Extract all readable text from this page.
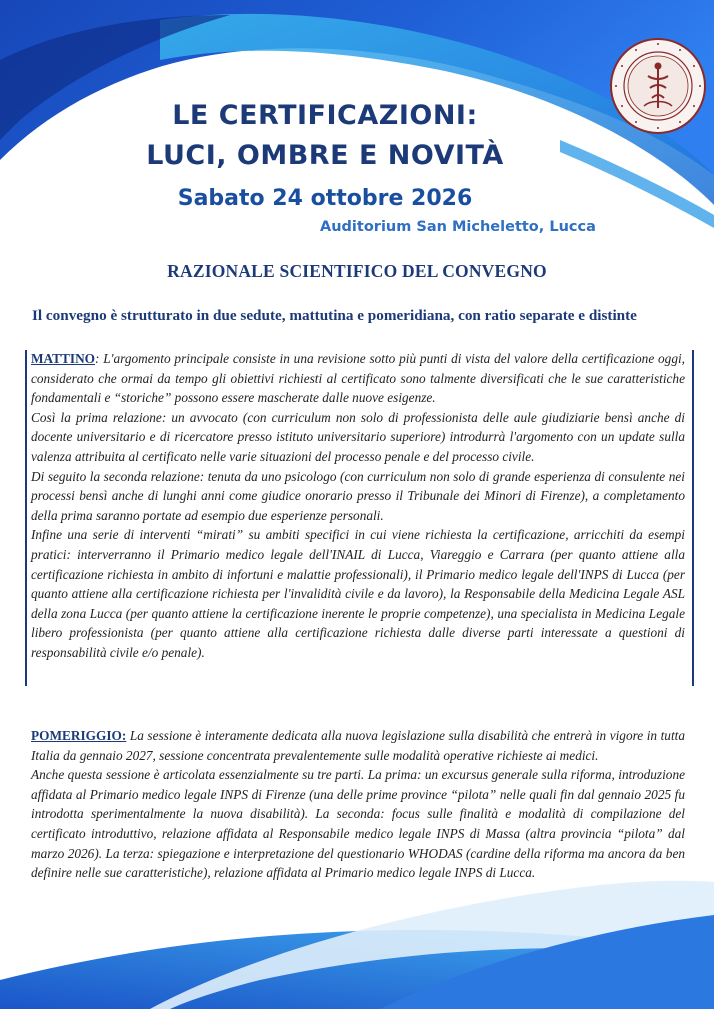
LE CERTIFICAZIONI:
LUCI, OMBRE E NOVITÀ
Sabato 24 ottobre 2026
Auditorium San Micheletto, Lucca
RAZIONALE SCIENTIFICO DEL CONVEGNO
Il convegno è strutturato in due sedute, mattutina e pomeridiana, con ratio separate e distinte

MATTINO: L'argomento principale consiste in una revisione sotto più punti di vista del valore della certificazione oggi, considerato che ormai da tempo gli obiettivi richiesti al certificato sono talmente diversificati che le sue caratteristiche fondamentali e “storiche” possono essere mascherate dalle nuove esigenze.

Così la prima relazione: un avvocato (con curriculum non solo di professionista delle aule giudiziarie bensì anche di docente universitario e di ricercatore presso istituto universitario superiore) introdurrà l'argomento con un update sulla valenza attribuita al certificato nelle varie situazioni del processo penale e del processo civile.

Di seguito la seconda relazione: tenuta da uno psicologo (con curriculum non solo di grande esperienza di consulente nei processi bensì anche di lunghi anni come giudice onorario presso il Tribunale dei Minori di Firenze), a completamento della prima saranno portate ad esempio due esperienze personali.

Infine una serie di interventi “mirati” su ambiti specifici in cui viene richiesta la certificazione, arricchiti da esempi pratici: interverranno il Primario medico legale dell'INAIL di Lucca, Viareggio e Carrara (per quanto attiene alla certificazione richiesta in ambito di infortuni e malattie professionali), il Primario medico legale dell'INPS di Lucca (per quanto attiene alla certificazione richiesta per l'invalidità civile e da lavoro), la Responsabile della Medicina Legale ASL della zona Lucca (per quanto attiene la certificazione inerente le proprie competenze), una specialista in Medicina Legale libero professionista (per quanto attiene alla certificazione richiesta dalle diverse parti interessate a questioni di responsabilità civile e/o penale).

POMERIGGIO: La sessione è interamente dedicata alla nuova legislazione sulla disabilità che entrerà in vigore in tutta Italia da gennaio 2027, sessione concentrata prevalentemente sulle modalità operative richieste ai medici.

Anche questa sessione è articolata essenzialmente su tre parti. La prima: un excursus generale sulla riforma, introduzione affidata al Primario medico legale INPS di Firenze (una delle prime province “pilota” nelle quali fin dal gennaio 2025 fu introdotta sperimentalmente la nuova disabilità). La seconda: focus sulle finalità e modalità di compilazione del certificato introduttivo, relazione affidata al Responsabile medico legale INPS di Massa (altra provincia “pilota” dal marzo 2026). La terza: spiegazione e interpretazione del questionario WHODAS (cardine della riforma ma ancora da ben definire nelle sue caratteristiche), relazione affidata al Primario medico legale INPS di Lucca.
